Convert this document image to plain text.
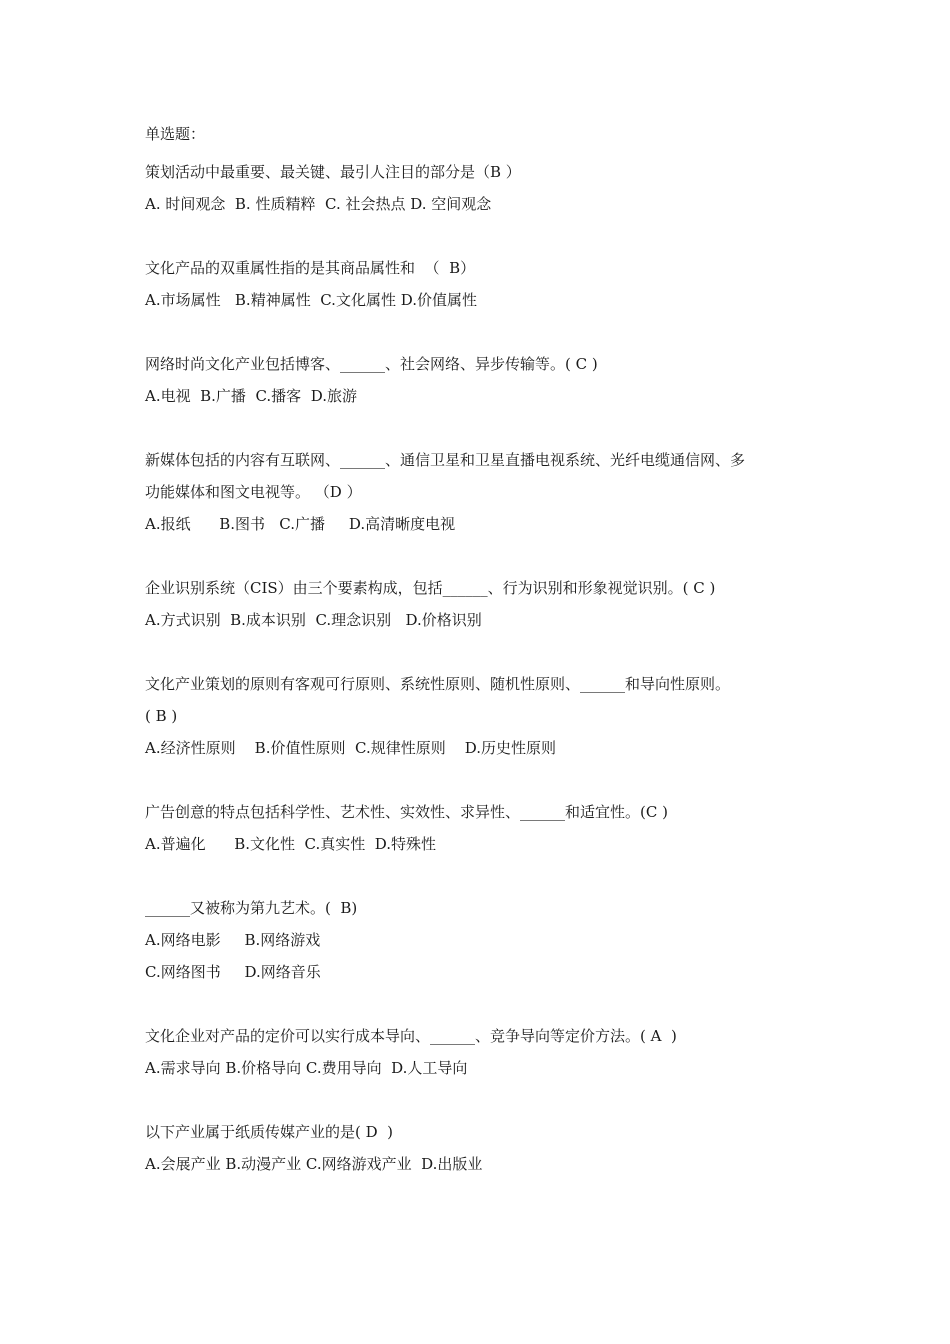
单选题：
策划活动中最重要、最关键、最引人注目的部分是（B ）
A. 时间观念  B. 性质精粹  C. 社会热点 D. 空间观念
文化产品的双重属性指的是其商品属性和  （  B）
A.市场属性   B.精神属性  C.文化属性 D.价值属性
网络时尚文化产业包括博客、______、社会网络、异步传输等。( C )
A.电视  B.广播  C.播客  D.旅游
新媒体包括的内容有互联网、______、通信卫星和卫星直播电视系统、光纤电缆通信网、多
功能媒体和图文电视等。 （D ）
A.报纸      B.图书   C.广播     D.高清晰度电视
企业识别系统（CIS）由三个要素构成，包括______、行为识别和形象视觉识别。( C )
A.方式识别  B.成本识别  C.理念识别   D.价格识别
文化产业策划的原则有客观可行原则、系统性原则、随机性原则、______和导向性原则。
( B )
A.经济性原则    B.价值性原则  C.规律性原则    D.历史性原则
广告创意的特点包括科学性、艺术性、实效性、求异性、______和适宜性。(C )
A.普遍化      B.文化性  C.真实性  D.特殊性
______又被称为第九艺术。(  B)
A.网络电影     B.网络游戏
C.网络图书     D.网络音乐
文化企业对产品的定价可以实行成本导向、______、竞争导向等定价方法。( A  )
A.需求导向 B.价格导向 C.费用导向  D.人工导向
以下产业属于纸质传媒产业的是( D  )
A.会展产业 B.动漫产业 C.网络游戏产业  D.出版业
